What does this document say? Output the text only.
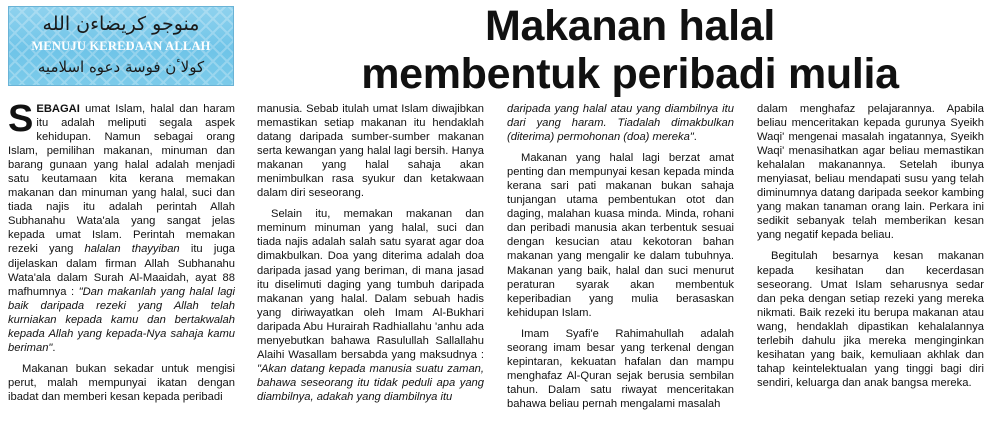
منوجو كريضاءن الله
MENUJU KEREDAAN ALLAH
كولاٴن فوسة دعوه اسلاميه
Makanan halal
membentuk peribadi mulia

SEBAGAI umat Islam, halal dan haram itu adalah meliputi segala aspek kehidupan. Namun sebagai orang Islam, pemilihan makanan, minuman dan barang gunaan yang halal adalah menjadi satu keutamaan kita kerana memakan makanan dan minuman yang halal, suci dan tiada najis itu adalah perintah Allah Subhanahu Wata'ala yang sangat jelas kepada umat Islam. Perintah memakan rezeki yang halalan thayyiban itu juga dijelaskan dalam firman Allah Subhanahu Wata'ala dalam Surah Al-Maaidah, ayat 88 mafhumnya : "Dan makanlah yang halal lagi baik daripada rezeki yang Allah telah kurniakan kepada kamu dan bertakwalah kepada Allah yang kepada-Nya sahaja kamu beriman".

Makanan bukan sekadar untuk mengisi perut, malah mempunyai ikatan dengan ibadat dan memberi kesan kepada peribadi

manusia. Sebab itulah umat Islam diwajibkan memastikan setiap makanan itu hendaklah datang daripada sumber-sumber makanan serta kewangan yang halal lagi bersih. Hanya makanan yang halal sahaja akan menimbulkan rasa syukur dan ketakwaan dalam diri seseorang.

Selain itu, memakan makanan dan meminum minuman yang halal, suci dan tiada najis adalah salah satu syarat agar doa dimakbulkan. Doa yang diterima adalah doa daripada jasad yang beriman, di mana jasad itu diselimuti daging yang tumbuh daripada makanan yang halal. Dalam sebuah hadis yang diriwayatkan oleh Imam Al-Bukhari daripada Abu Hurairah Radhiallahu 'anhu ada menyebutkan bahawa Rasulullah Sallallahu Alaihi Wasallam bersabda yang maksudnya : "Akan datang kepada manusia suatu zaman, bahawa seseorang itu tidak peduli apa yang diambilnya, adakah yang diambilnya itu

daripada yang halal atau yang diambilnya itu dari yang haram. Tiadalah dimakbulkan (diterima) permohonan (doa) mereka".

Makanan yang halal lagi berzat amat penting dan mempunyai kesan kepada minda kerana sari pati makanan bukan sahaja tunjangan utama pembentukan otot dan daging, malahan kuasa minda. Minda, rohani dan peribadi manusia akan terbentuk sesuai dengan kesucian atau kekotoran bahan makanan yang mengalir ke dalam tubuhnya. Makanan yang baik, halal dan suci menurut peraturan syarak akan membentuk keperibadian yang mulia berasaskan kehidupan Islam.

Imam Syafi'e Rahimahullah adalah seorang imam besar yang terkenal dengan kepintaran, kekuatan hafalan dan mampu menghafaz Al-Quran sejak berusia sembilan tahun. Dalam satu riwayat menceritakan bahawa beliau pernah mengalami masalah

dalam menghafaz pelajarannya. Apabila beliau menceritakan kepada gurunya Syeikh Waqi' mengenai masalah ingatannya, Syeikh Waqi' menasihatkan agar beliau memastikan kehalalan makanannya. Setelah ibunya menyiasat, beliau mendapati susu yang telah diminumnya datang daripada seekor kambing yang makan tanaman orang lain. Perkara ini sedikit sebanyak telah memberikan kesan yang negatif kepada beliau.

Begitulah besarnya kesan makanan kepada kesihatan dan kecerdasan seseorang. Umat Islam seharusnya sedar dan peka dengan setiap rezeki yang mereka nikmati. Baik rezeki itu berupa makanan atau wang, hendaklah dipastikan kehalalannya terlebih dahulu jika mereka menginginkan kesihatan yang baik, kemuliaan akhlak dan tahap keintelektualan yang tinggi bagi diri sendiri, keluarga dan anak bangsa mereka.
